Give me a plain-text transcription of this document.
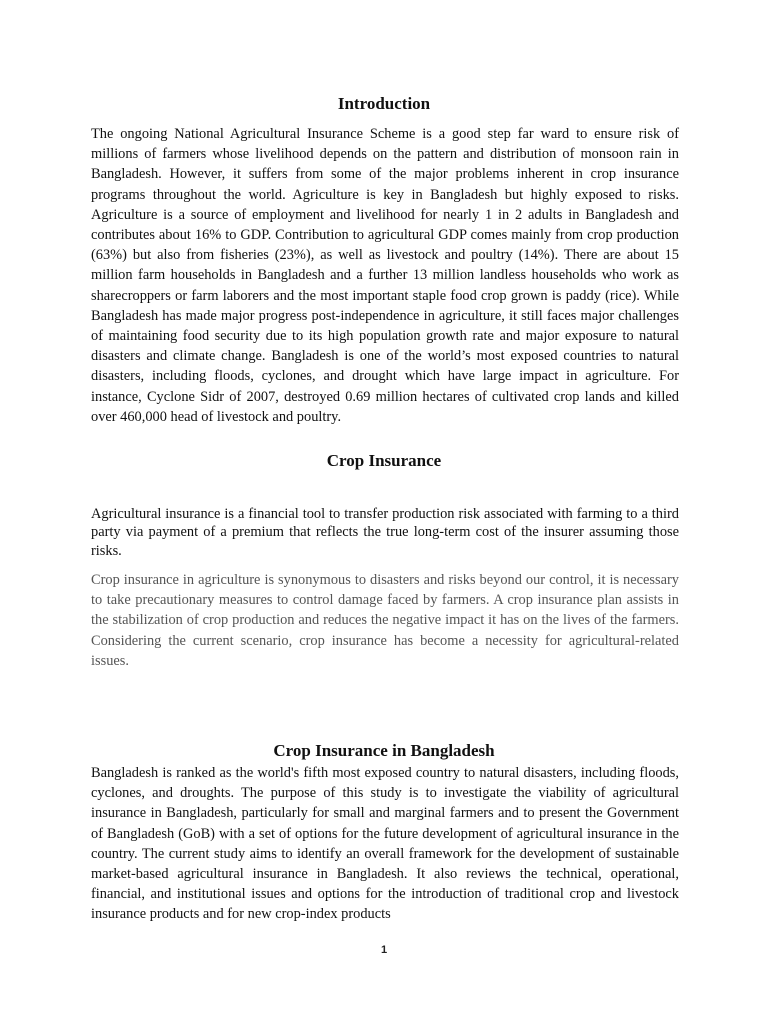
Introduction

The ongoing National Agricultural Insurance Scheme is a good step far ward to ensure risk of millions of farmers whose livelihood depends on the pattern and distribution of monsoon rain in Bangladesh. However, it suffers from some of the major problems inherent in crop insurance programs throughout the world. Agriculture is key in Bangladesh but highly exposed to risks. Agriculture is a source of employment and livelihood for nearly 1 in 2 adults in Bangladesh and contributes about 16% to GDP. Contribution to agricultural GDP comes mainly from crop production (63%) but also from fisheries (23%), as well as livestock and poultry (14%). There are about 15 million farm households in Bangladesh and a further 13 million landless households who work as sharecroppers or farm laborers and the most important staple food crop grown is paddy (rice). While Bangladesh has made major progress post-independence in agriculture, it still faces major challenges of maintaining food security due to its high population growth rate and major exposure to natural disasters and climate change. Bangladesh is one of the world’s most exposed countries to natural disasters, including floods, cyclones, and drought which have large impact in agriculture. For instance, Cyclone Sidr of 2007, destroyed 0.69 million hectares of cultivated crop lands and killed over 460,000 head of livestock and poultry.

Crop Insurance

Agricultural insurance is a financial tool to transfer production risk associated with farming to a third party via payment of a premium that reflects the true long-term cost of the insurer assuming those risks.

Crop insurance in agriculture is synonymous to disasters and risks beyond our control, it is necessary to take precautionary measures to control damage faced by farmers. A crop insurance plan assists in the stabilization of crop production and reduces the negative impact it has on the lives of the farmers. Considering the current scenario, crop insurance has become a necessity for agricultural-related issues.

Crop Insurance in Bangladesh

Bangladesh is ranked as the world's fifth most exposed country to natural disasters, including floods, cyclones, and droughts. The purpose of this study is to investigate the viability of agricultural insurance in Bangladesh, particularly for small and marginal farmers and to present the Government of Bangladesh (GoB) with a set of options for the future development of agricultural insurance in the country. The current study aims to identify an overall framework for the development of sustainable market-based agricultural insurance in Bangladesh. It also reviews the technical, operational, financial, and institutional issues and options for the introduction of traditional crop and livestock insurance products and for new crop-index products

1
